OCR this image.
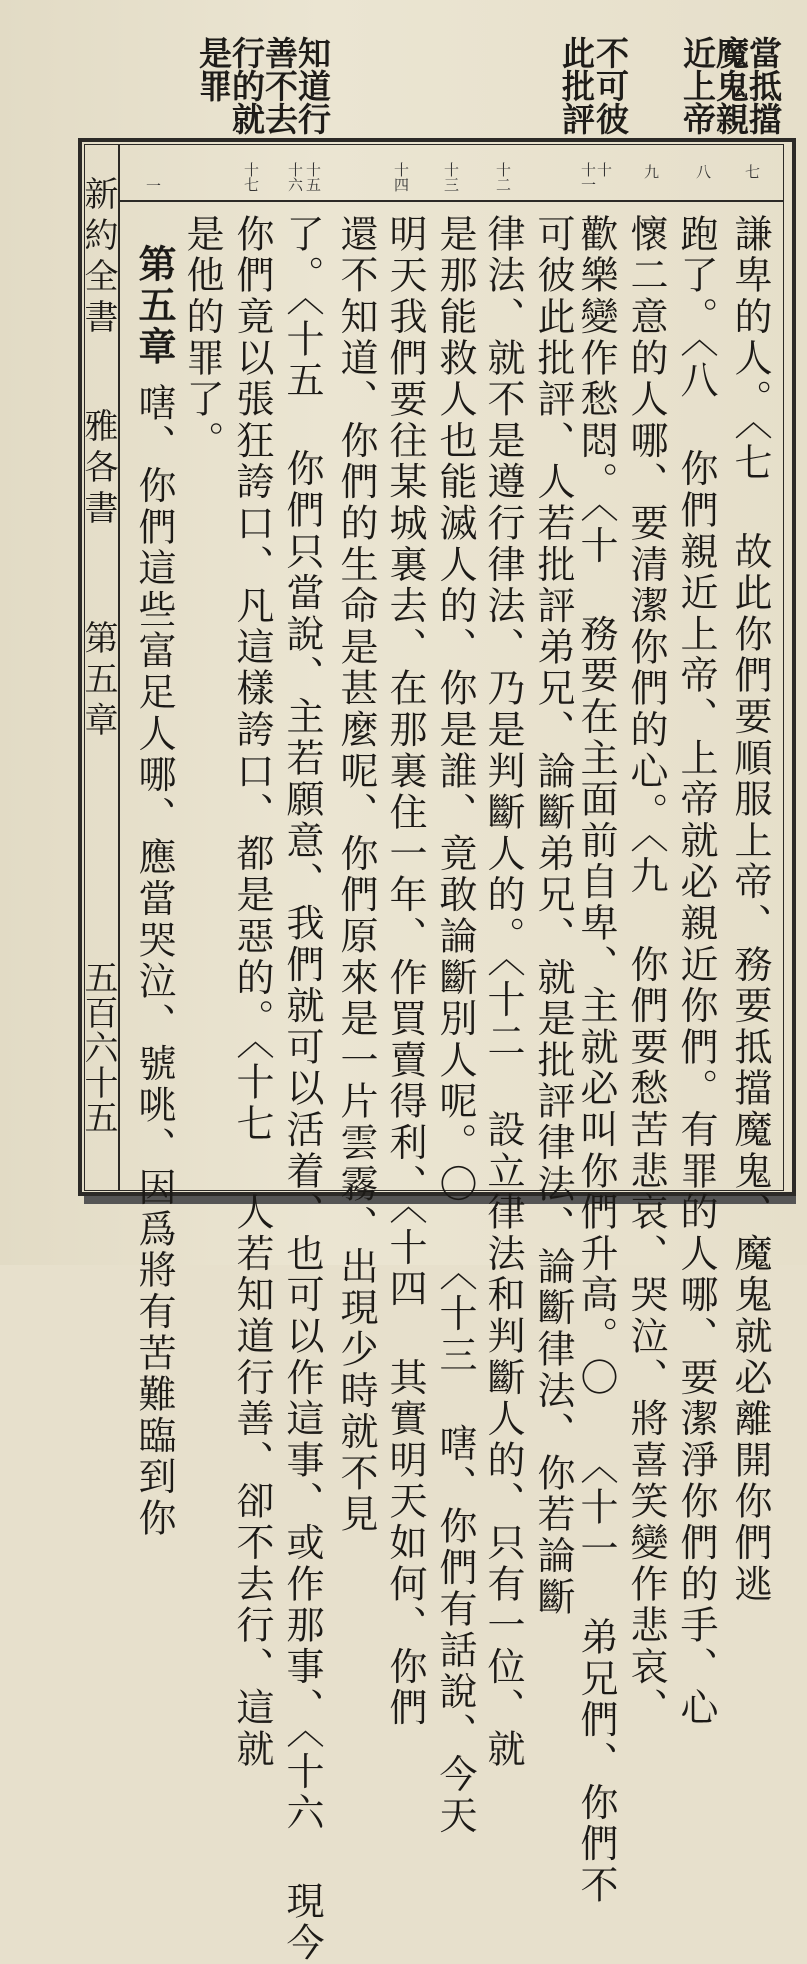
當抵擋
魔鬼親
近上帝
不可彼
此批評
知道行
善不去
行的就
是罪
七
八
九
十
十一
十二
十三
十四
十五
十六
十七
一
新約全書
雅各書
第五章
五百六十五	謙卑的人。〈七 故此你們要順服上帝、務要抵擋魔鬼、魔鬼就必離開你們逃
跑了。〈八 你們親近上帝、上帝就必親近你們。有罪的人哪、要潔淨你們的手、心
懷二意的人哪、要清潔你們的心。〈九 你們要愁苦悲哀、哭泣、將喜笑變作悲哀、
歡樂變作愁悶。〈十 務要在主面前自卑、主就必叫你們升高。〇 〈十一 弟兄們、你們不
可彼此批評、人若批評弟兄、論斷弟兄、就是批評律法、論斷律法、你若論斷
律法、就不是遵行律法、乃是判斷人的。〈十二 設立律法和判斷人的、只有一位、就
是那能救人也能滅人的、你是誰、竟敢論斷別人呢。〇 〈十三 嗐、你們有話說、今天
明天我們要往某城裏去、在那裏住一年、作買賣得利、〈十四 其實明天如何、你們
還不知道、你們的生命是甚麼呢、你們原來是一片雲霧、出現少時就不見
了。〈十五 你們只當說、主若願意、我們就可以活着、也可以作這事、或作那事、〈十六 現今
你們竟以張狂誇口、凡這樣誇口、都是惡的。〈十七 人若知道行善、卻不去行、這就
是他的罪了。
第五章
嗐、你們這些富足人哪、應當哭泣、號咷、因爲將有苦難臨到你
